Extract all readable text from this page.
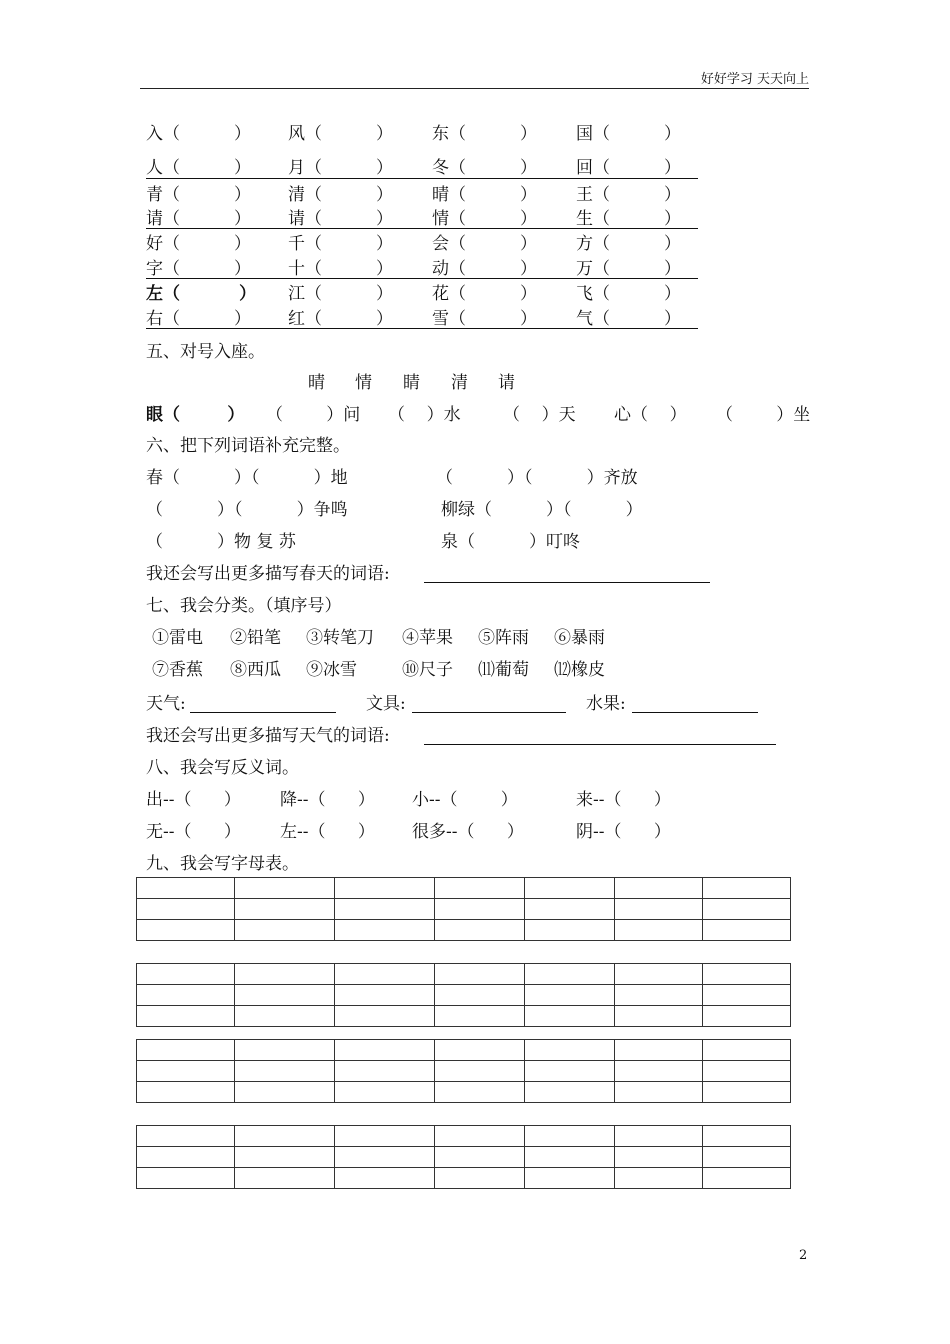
好好学习 天天向上
入（          ） 风（          ） 东（          ） 国（          ）
人（          ） 月（          ） 冬（          ） 回（          ）
青（          ） 清（          ） 晴（          ） 王（          ）
请（          ） 请（          ） 情（          ） 生（          ）
好（          ） 千（          ） 会（          ） 方（          ）
字（          ） 十（          ） 动（          ） 万（          ）
左（          ） 江（          ） 花（          ） 飞（          ）
右（          ） 红（          ） 雪（          ） 气（          ）
五、对号入座。
晴 情 睛 清 请
眼（        ） （        ）问 （    ）水 （    ）天 心（    ） （        ）坐
六、把下列词语补充完整。
春（          ）（          ）地	（          ）（          ）齐放
（          ）（          ）争鸣	柳绿（          ）（          ）
（          ）物 复 苏	泉（          ）叮咚
我还会写出更多描写春天的词语:
七、我会分类。（填序号）
①雷电 ②铅笔 ③转笔刀 ④苹果 ⑤阵雨 ⑥暴雨
⑦香蕉 ⑧西瓜 ⑨冰雪	⑩尺子 ⑾葡萄 ⑿橡皮
天气:	文具:	水果:
我还会写出更多描写天气的词语:
八、我会写反义词。
出--（      ） 降--（      ） 小--（        ）	来--（      ）
无--（      ） 左--（      ） 很多--（      ）	阴--（      ）
九、我会写字母表。

2
